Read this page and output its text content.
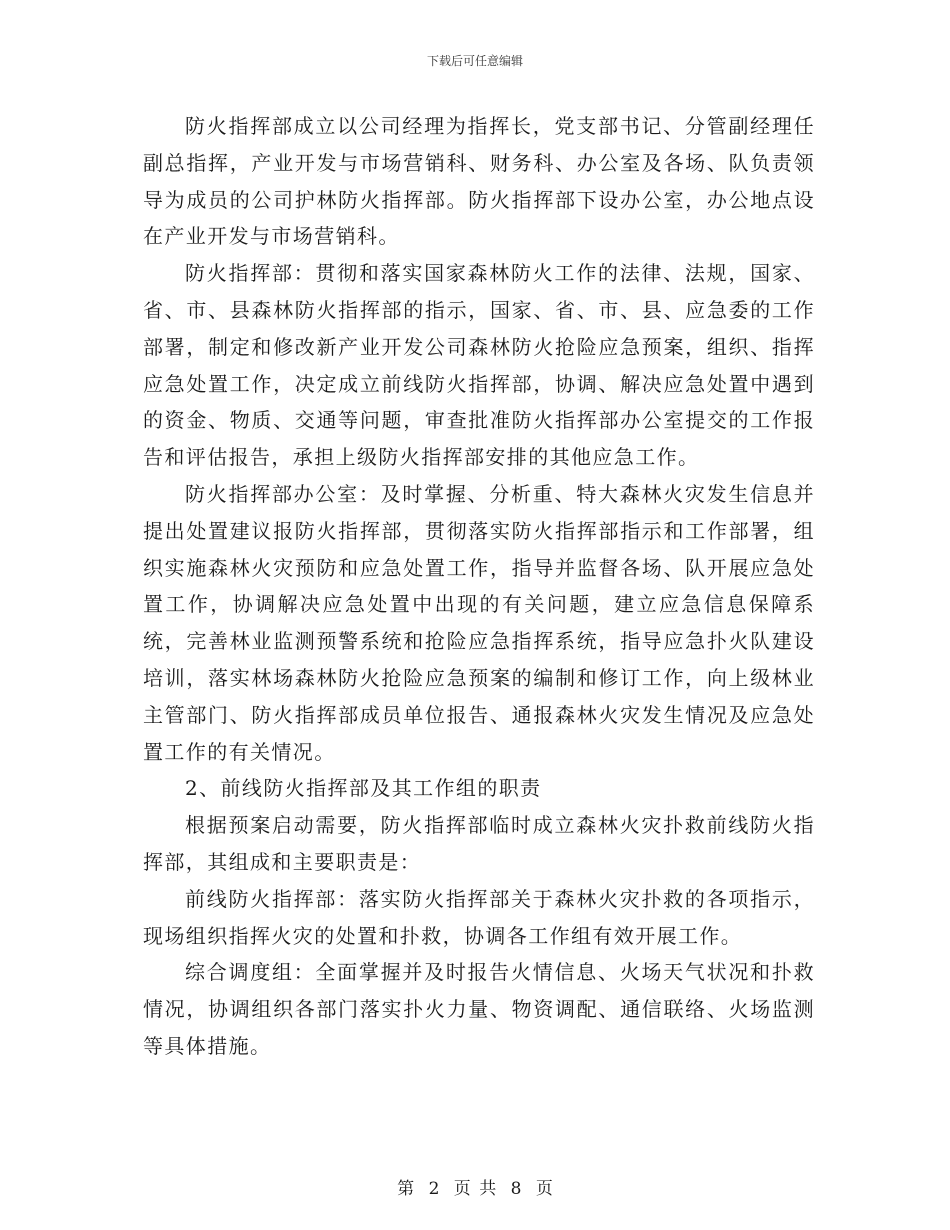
下载后可任意编辑

防火指挥部成立以公司经理为指挥长，党支部书记、分管副经理任副总指挥，产业开发与市场营销科、财务科、办公室及各场、队负责领导为成员的公司护林防火指挥部。防火指挥部下设办公室，办公地点设在产业开发与市场营销科。

防火指挥部：贯彻和落实国家森林防火工作的法律、法规，国家、省、市、县森林防火指挥部的指示，国家、省、市、县、应急委的工作部署，制定和修改新产业开发公司森林防火抢险应急预案，组织、指挥应急处置工作，决定成立前线防火指挥部，协调、解决应急处置中遇到的资金、物质、交通等问题，审查批准防火指挥部办公室提交的工作报告和评估报告，承担上级防火指挥部安排的其他应急工作。

防火指挥部办公室：及时掌握、分析重、特大森林火灾发生信息并提出处置建议报防火指挥部，贯彻落实防火指挥部指示和工作部署，组织实施森林火灾预防和应急处置工作，指导并监督各场、队开展应急处置工作，协调解决应急处置中出现的有关问题，建立应急信息保障系统，完善林业监测预警系统和抢险应急指挥系统，指导应急扑火队建设培训，落实林场森林防火抢险应急预案的编制和修订工作，向上级林业主管部门、防火指挥部成员单位报告、通报森林火灾发生情况及应急处置工作的有关情况。

2、前线防火指挥部及其工作组的职责

根据预案启动需要，防火指挥部临时成立森林火灾扑救前线防火指挥部，其组成和主要职责是：

前线防火指挥部：落实防火指挥部关于森林火灾扑救的各项指示，现场组织指挥火灾的处置和扑救，协调各工作组有效开展工作。

综合调度组：全面掌握并及时报告火情信息、火场天气状况和扑救情况，协调组织各部门落实扑火力量、物资调配、通信联络、火场监测等具体措施。

第 2 页 共 8 页
